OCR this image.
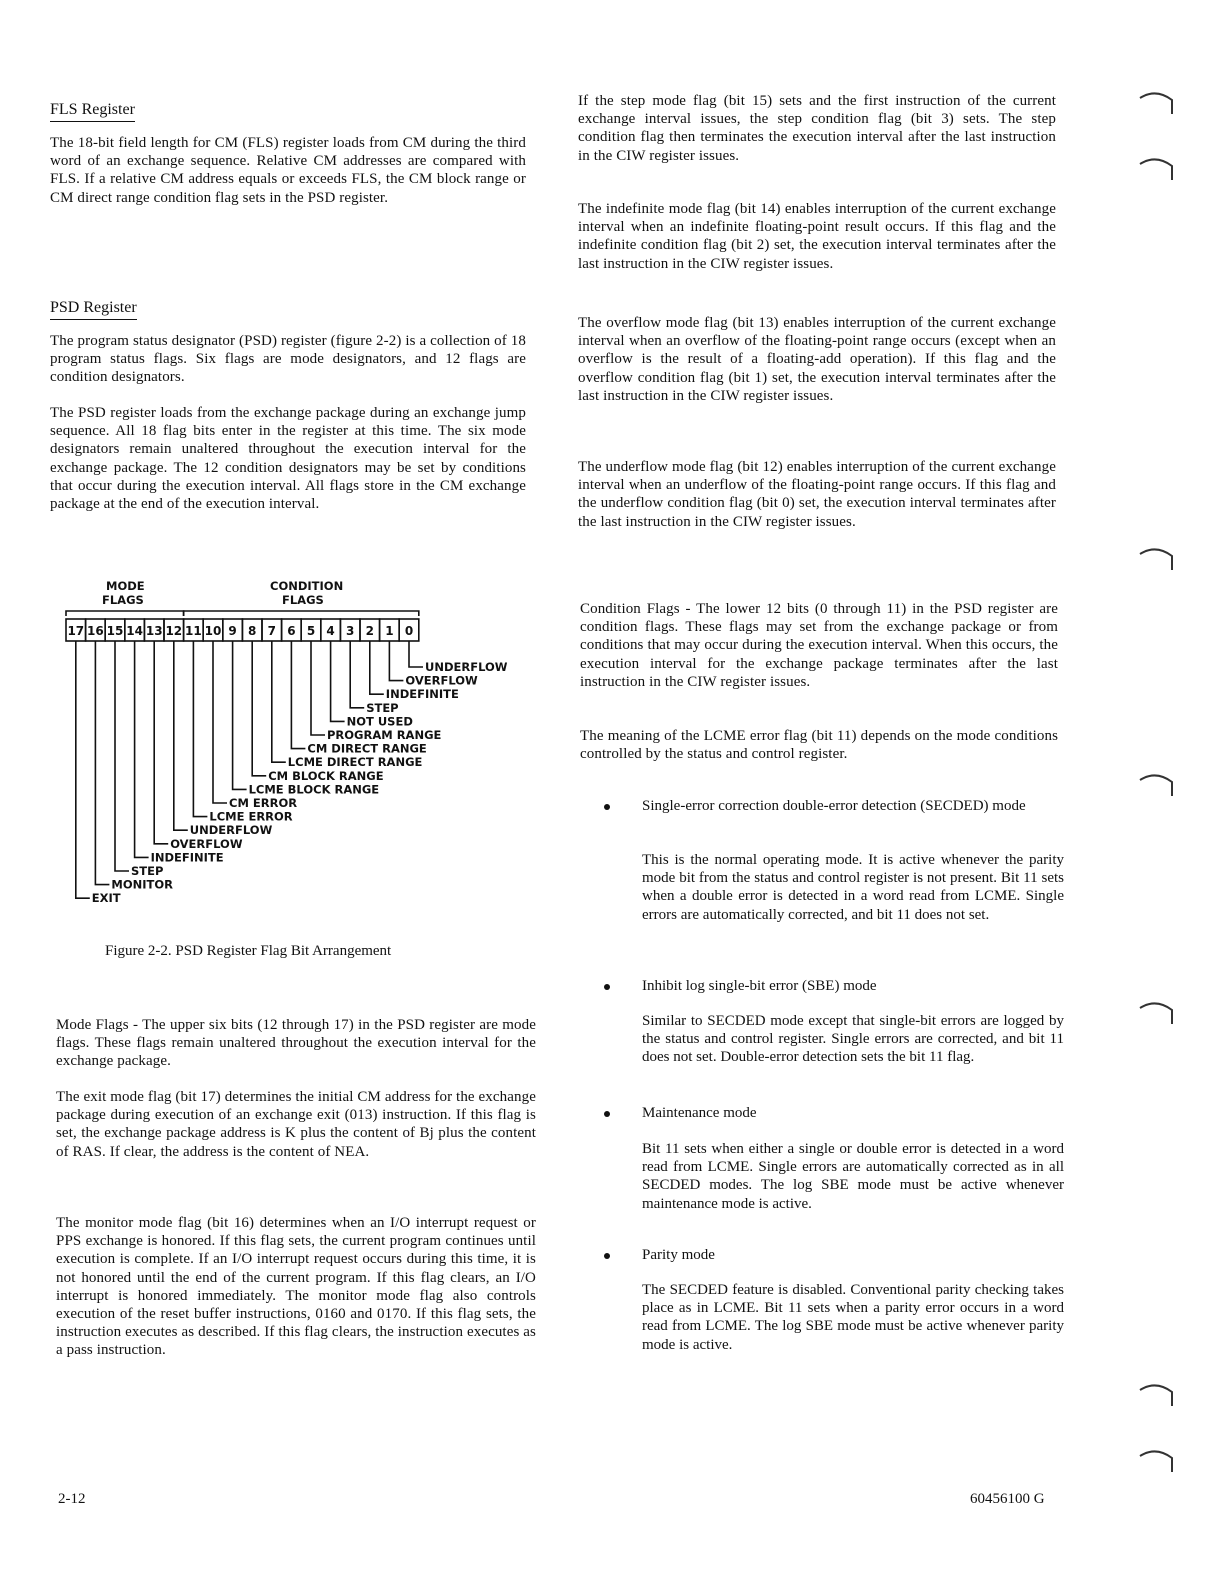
FLS Register

The 18-bit field length for CM (FLS) register loads from CM during the third word of an exchange sequence. Relative CM addresses are compared with FLS. If a relative CM address equals or exceeds FLS, the CM block range or CM direct range condition flag sets in the PSD register.

PSD Register

The program status designator (PSD) register (figure 2-2) is a collection of 18 program status flags. Six flags are mode designators, and 12 flags are condition designators.

The PSD register loads from the exchange package during an exchange jump sequence. All 18 flag bits enter in the register at this time. The six mode designators remain unaltered throughout the execution interval for the exchange package. The 12 condition designators may be set by conditions that occur during the execution interval. All flags store in the CM exchange package at the end of the execution interval.

Figure 2-2. PSD Register Flag Bit Arrangement

Mode Flags - The upper six bits (12 through 17) in the PSD register are mode flags. These flags remain unaltered throughout the execution interval for the exchange package.

The exit mode flag (bit 17) determines the initial CM address for the exchange package during execution of an exchange exit (013) instruction. If this flag is set, the exchange package address is K plus the content of Bj plus the content of RAS. If clear, the address is the content of NEA.

The monitor mode flag (bit 16) determines when an I/O interrupt request or PPS exchange is honored. If this flag sets, the current program continues until execution is complete. If an I/O interrupt request occurs during this time, it is not honored until the end of the current program. If this flag clears, an I/O interrupt is honored immediately. The monitor mode flag also controls execution of the reset buffer instructions, 0160 and 0170. If this flag sets, the instruction executes as described. If this flag clears, the instruction executes as a pass instruction.

MODE
FLAGS
CONDITION
FLAGS
17 16 15 14 13 12 11 10 9 8 7 6 5 4 3 2 1 0
UNDERFLOW
OVERFLOW
INDEFINITE
STEP
NOT USED
PROGRAM RANGE
CM DIRECT RANGE
LCME DIRECT RANGE
CM BLOCK RANGE
LCME BLOCK RANGE
CM ERROR
LCME ERROR
UNDERFLOW
OVERFLOW
INDEFINITE
STEP
MONITOR
EXIT

If the step mode flag (bit 15) sets and the first instruction of the current exchange interval issues, the step condition flag (bit 3) sets. The step condition flag then terminates the execution interval after the last instruction in the CIW register issues.

The indefinite mode flag (bit 14) enables interruption of the current exchange interval when an indefinite floating-point result occurs. If this flag and the indefinite condition flag (bit 2) set, the execution interval terminates after the last instruction in the CIW register issues.

The overflow mode flag (bit 13) enables interruption of the current exchange interval when an overflow of the floating-point range occurs (except when an overflow is the result of a floating-add operation). If this flag and the overflow condition flag (bit 1) set, the execution interval terminates after the last instruction in the CIW register issues.

The underflow mode flag (bit 12) enables interruption of the current exchange interval when an underflow of the floating-point range occurs. If this flag and the underflow condition flag (bit 0) set, the execution interval terminates after the last instruction in the CIW register issues.

Condition Flags - The lower 12 bits (0 through 11) in the PSD register are condition flags. These flags may set from the exchange package or from conditions that may occur during the execution interval. When this occurs, the execution interval for the exchange package terminates after the last instruction in the CIW register issues.

The meaning of the LCME error flag (bit 11) depends on the mode conditions controlled by the status and control register.

Single-error correction double-error detection (SECDED) mode

This is the normal operating mode. It is active whenever the parity mode bit from the status and control register is not present. Bit 11 sets when a double error is detected in a word read from LCME. Single errors are automatically corrected, and bit 11 does not set.

Inhibit log single-bit error (SBE) mode

Similar to SECDED mode except that single-bit errors are logged by the status and control register. Single errors are corrected, and bit 11 does not set. Double-error detection sets the bit 11 flag.

Maintenance mode

Bit 11 sets when either a single or double error is detected in a word read from LCME. Single errors are automatically corrected as in all SECDED modes. The log SBE mode must be active whenever maintenance mode is active.

Parity mode

The SECDED feature is disabled. Conventional parity checking takes place as in LCME. Bit 11 sets when a parity error occurs in a word read from LCME. The log SBE mode must be active whenever parity mode is active.

2-12	60456100 G
